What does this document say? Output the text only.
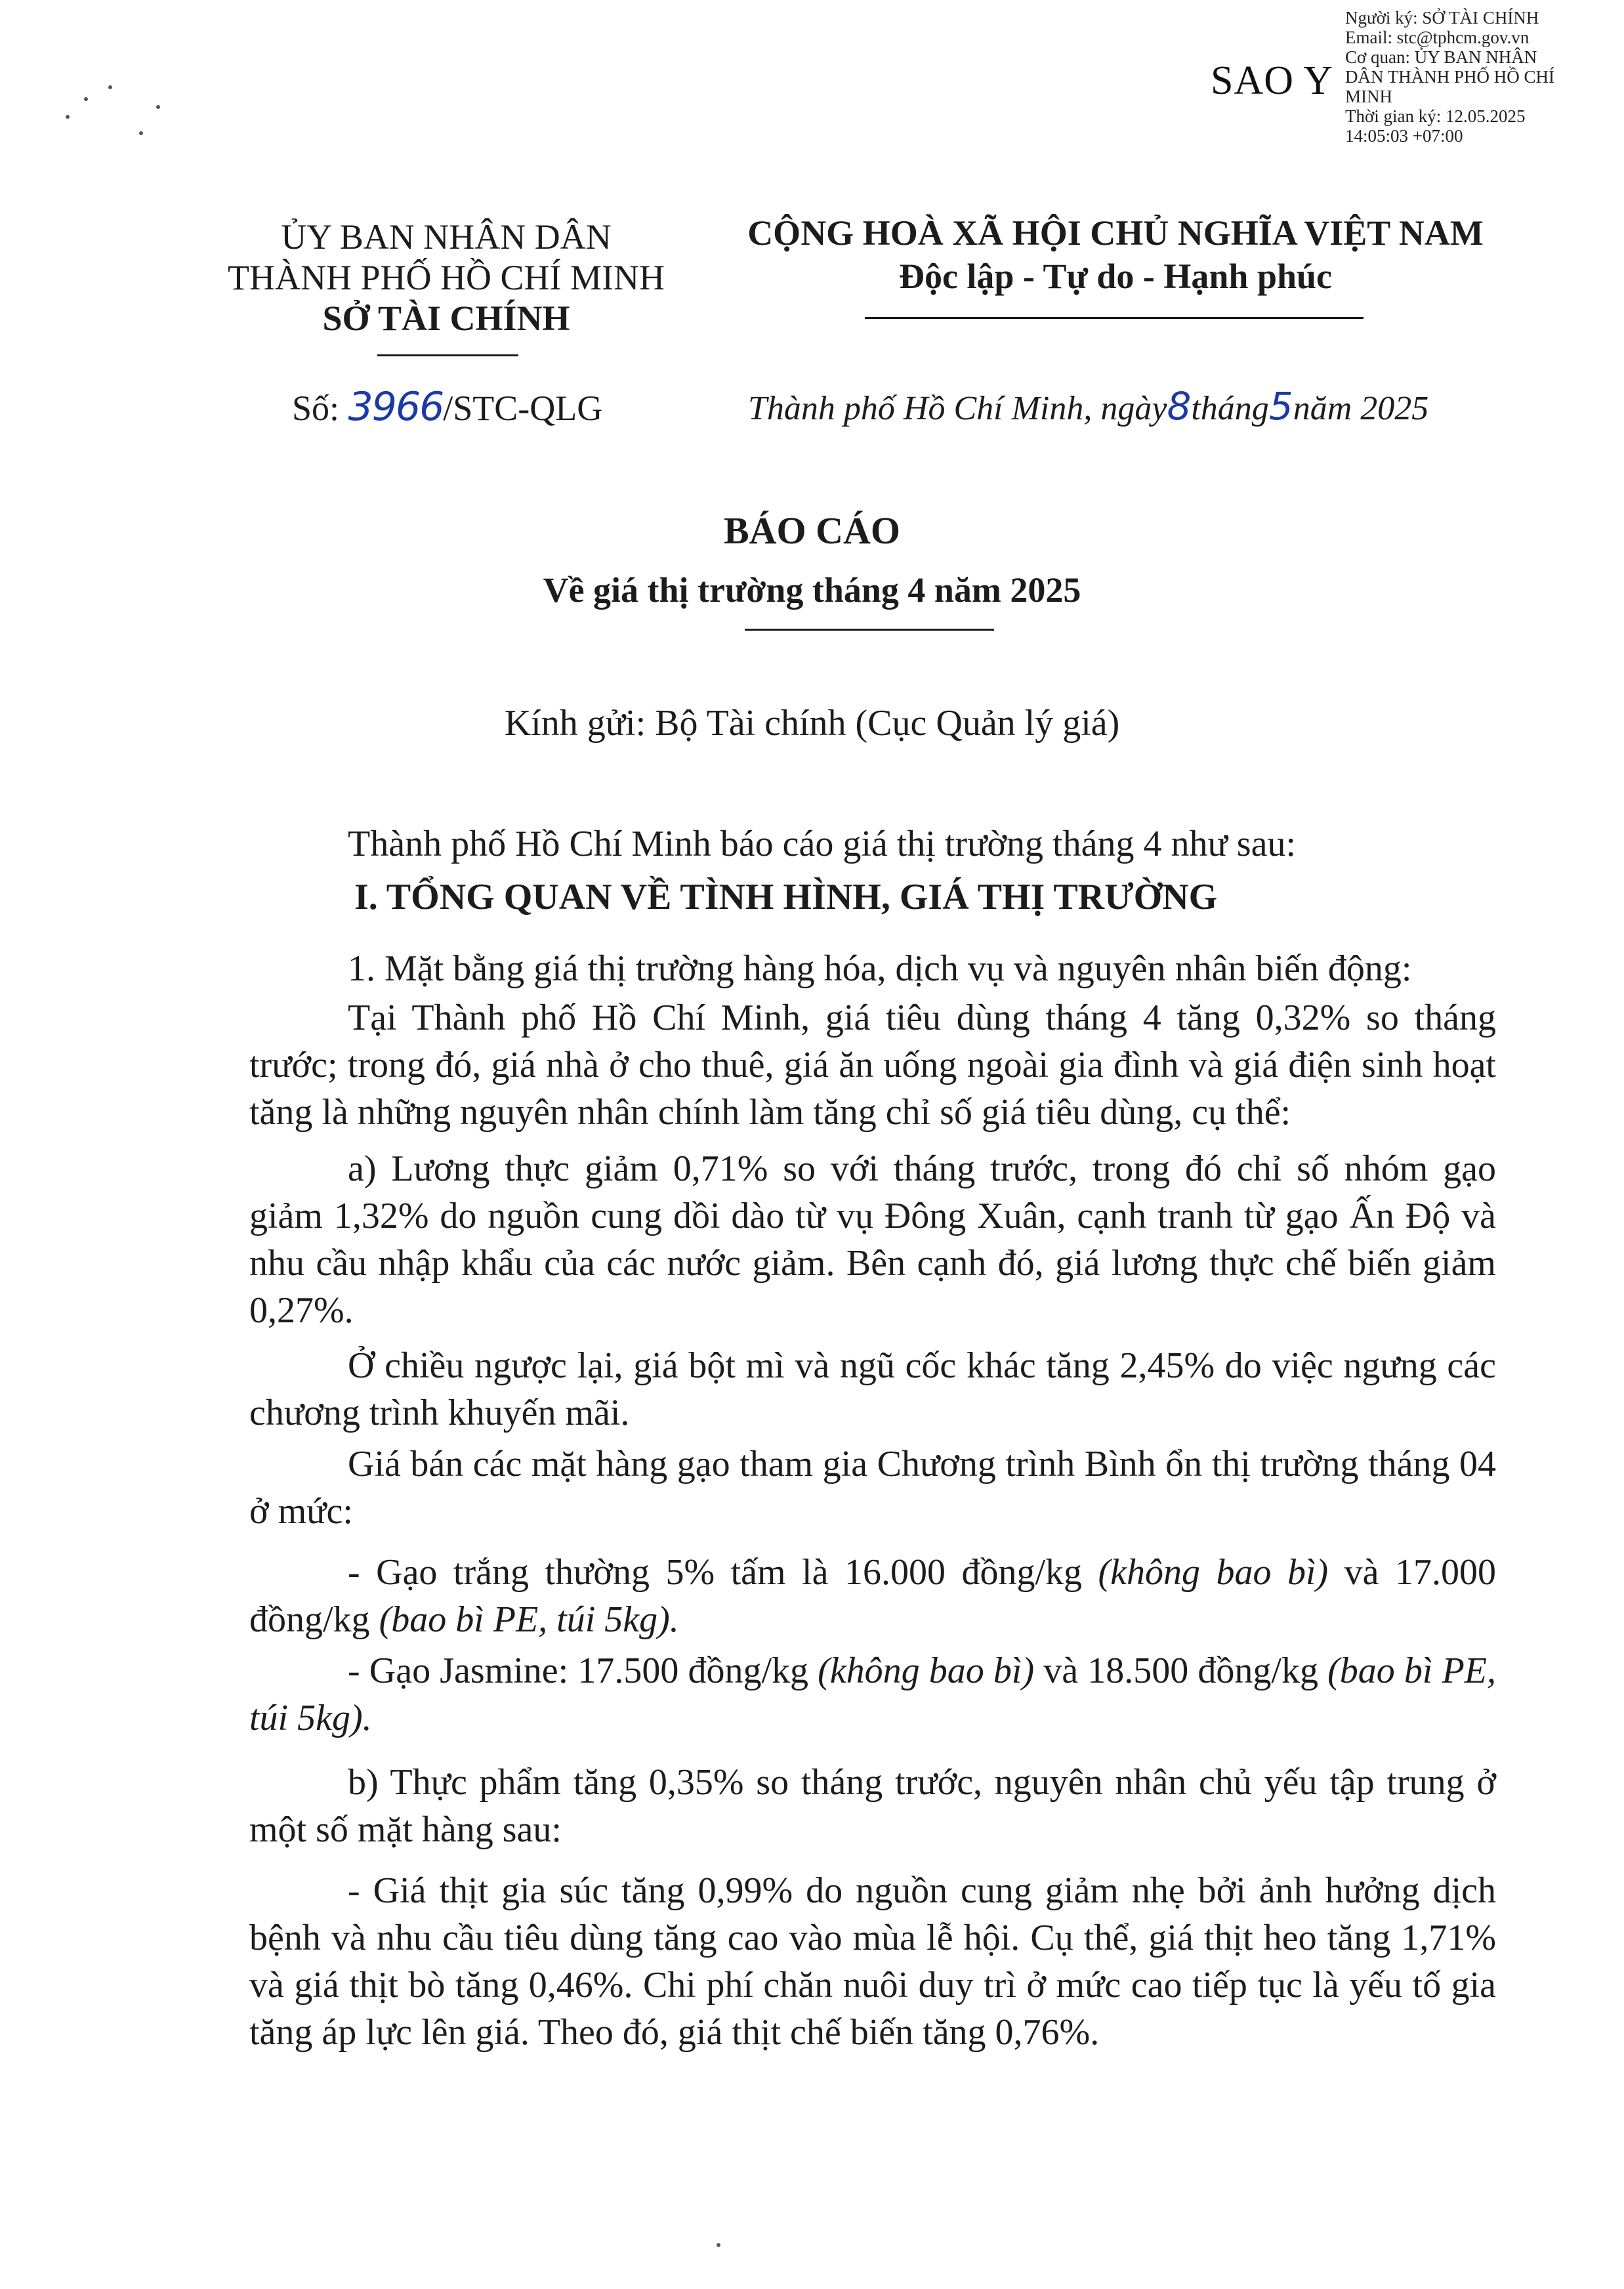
Người ký: SỞ TÀI CHÍNH
Email: stc@tphcm.gov.vn
Cơ quan: ỦY BAN NHÂN
DÂN THÀNH PHỐ HỒ CHÍ
MINH
Thời gian ký: 12.05.2025
14:05:03 +07:00
SAO Y
ỦY BAN NHÂN DÂN
THÀNH PHỐ HỒ CHÍ MINH
SỞ TÀI CHÍNH
Số: 3966/STC-QLG
CỘNG HOÀ XÃ HỘI CHỦ NGHĨA VIỆT NAM
Độc lập - Tự do - Hạnh phúc
Thành phố Hồ Chí Minh, ngày8tháng5năm 2025
BÁO CÁO
Về giá thị trường tháng 4 năm 2025
Kính gửi: Bộ Tài chính (Cục Quản lý giá)
Thành phố Hồ Chí Minh báo cáo giá thị trường tháng 4 như sau:
I. TỔNG QUAN VỀ TÌNH HÌNH, GIÁ THỊ TRƯỜNG
1. Mặt bằng giá thị trường hàng hóa, dịch vụ và nguyên nhân biến động:
Tại Thành phố Hồ Chí Minh, giá tiêu dùng tháng 4 tăng 0,32% so tháng trước; trong đó, giá nhà ở cho thuê, giá ăn uống ngoài gia đình và giá điện sinh hoạt tăng là những nguyên nhân chính làm tăng chỉ số giá tiêu dùng, cụ thể:
a) Lương thực giảm 0,71% so với tháng trước, trong đó chỉ số nhóm gạo giảm 1,32% do nguồn cung dồi dào từ vụ Đông Xuân, cạnh tranh từ gạo Ấn Độ và nhu cầu nhập khẩu của các nước giảm. Bên cạnh đó, giá lương thực chế biến giảm 0,27%.
Ở chiều ngược lại, giá bột mì và ngũ cốc khác tăng 2,45% do việc ngưng các chương trình khuyến mãi.
Giá bán các mặt hàng gạo tham gia Chương trình Bình ổn thị trường tháng 04 ở mức:
- Gạo trắng thường 5% tấm là 16.000 đồng/kg (không bao bì) và 17.000 đồng/kg (bao bì PE, túi 5kg).
- Gạo Jasmine: 17.500 đồng/kg (không bao bì) và 18.500 đồng/kg (bao bì PE, túi 5kg).
b) Thực phẩm tăng 0,35% so tháng trước, nguyên nhân chủ yếu tập trung ở một số mặt hàng sau:
- Giá thịt gia súc tăng 0,99% do nguồn cung giảm nhẹ bởi ảnh hưởng dịch bệnh và nhu cầu tiêu dùng tăng cao vào mùa lễ hội. Cụ thể, giá thịt heo tăng 1,71% và giá thịt bò tăng 0,46%. Chi phí chăn nuôi duy trì ở mức cao tiếp tục là yếu tố gia tăng áp lực lên giá. Theo đó, giá thịt chế biến tăng 0,76%.
